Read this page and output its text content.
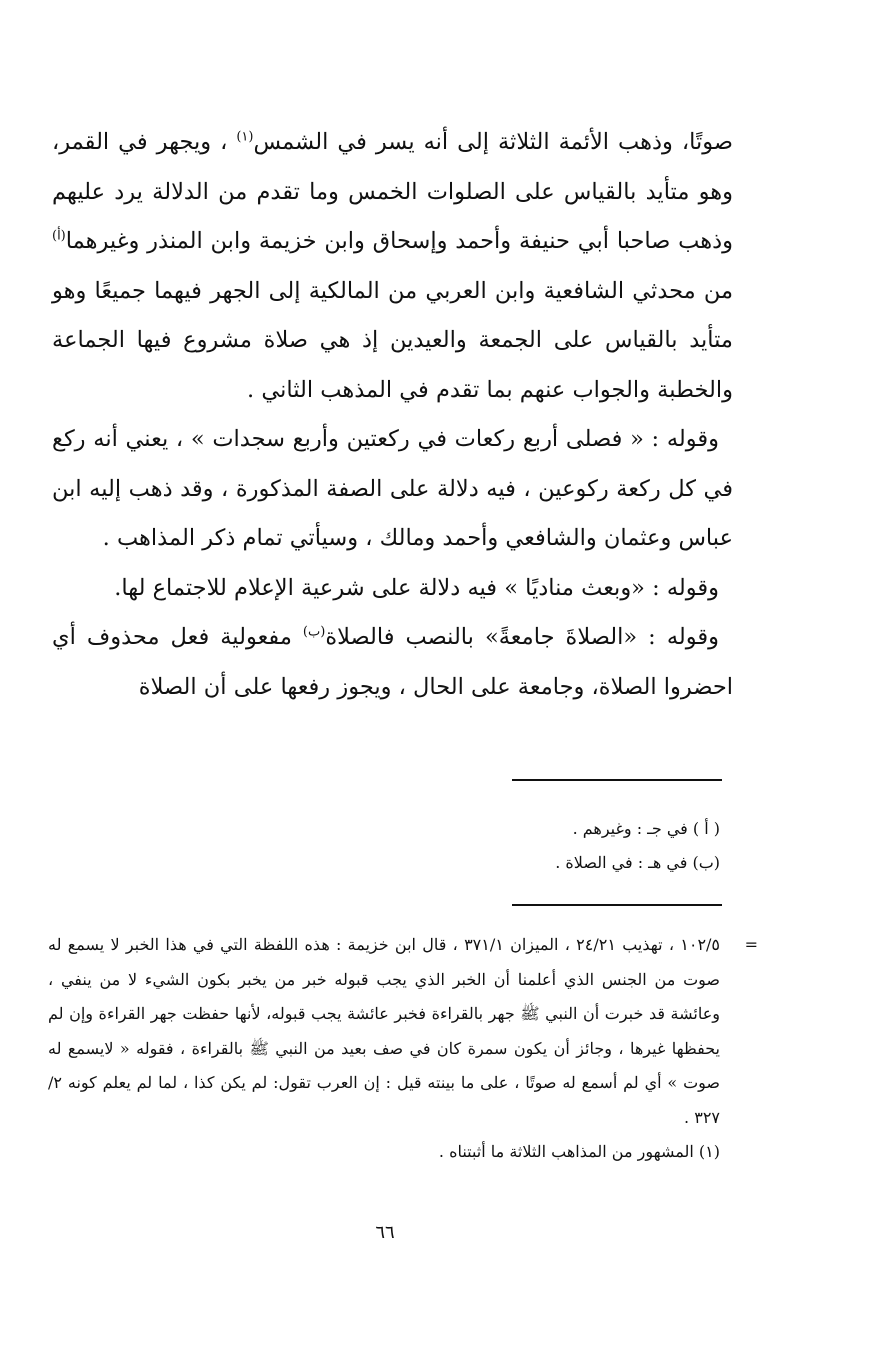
صوتًا، وذهب الأئمة الثلاثة إلى أنه يسر في الشمس$^{(١)}$ ، ويجهر في القمر، وهو متأيد بالقياس على الصلوات الخمس وما تقدم من الدلالة يرد عليهم وذهب صاحبا أبي حنيفة وأحمد وإسحاق وابن خزيمة وابن المنذر وغيرهما$^{(أ)}$ من محدثي الشافعية وابن العربي من المالكية إلى الجهر فيهما جميعًا وهو متأيد بالقياس على الجمعة والعيدين إذ هي صلاة مشروع فيها الجماعة والخطبة والجواب عنهم بما تقدم في المذهب الثاني .

وقوله : « فصلى أربع ركعات في ركعتين وأربع سجدات » ، يعني أنه ركع في كل ركعة ركوعين ، فيه دلالة على الصفة المذكورة ، وقد ذهب إليه ابن عباس وعثمان والشافعي وأحمد ومالك ، وسيأتي تمام ذكر المذاهب .

وقوله : «وبعث مناديًا » فيه دلالة على شرعية الإعلام للاجتماع لها.

وقوله : «الصلاةَ جامعةً» بالنصب فالصلاة$^{(ب)}$ مفعولية فعل محذوف أي احضروا الصلاة، وجامعة على الحال ، ويجوز رفعها على أن الصلاة

( أ ) في جـ : وغيرهم .
(ب) في هـ : في الصلاة .

=
١٠٢/٥ ، تهذيب ٢٤/٢١ ، الميزان ٣٧١/١ ، قال ابن خزيمة : هذه اللفظة التي في هذا الخبر لا يسمع له صوت من الجنس الذي أعلمنا أن الخبر الذي يجب قبوله خبر من يخبر بكون الشيء لا من ينفي ، وعائشة قد خبرت أن النبي ﷺ جهر بالقراءة فخبر عائشة يجب قبوله، لأنها حفظت جهر القراءة وإن لم يحفظها غيرها ، وجائز أن يكون سمرة كان في صف بعيد من النبي ﷺ بالقراءة ، فقوله « لايسمع له صوت » أي لم أسمع له صوتًا ، على ما بينته قيل : إن العرب تقول: لم يكن كذا ، لما لم يعلم كونه ٢/ ٣٢٧ .

(١) المشهور من المذاهب الثلاثة ما أثبتناه .

٦٦
